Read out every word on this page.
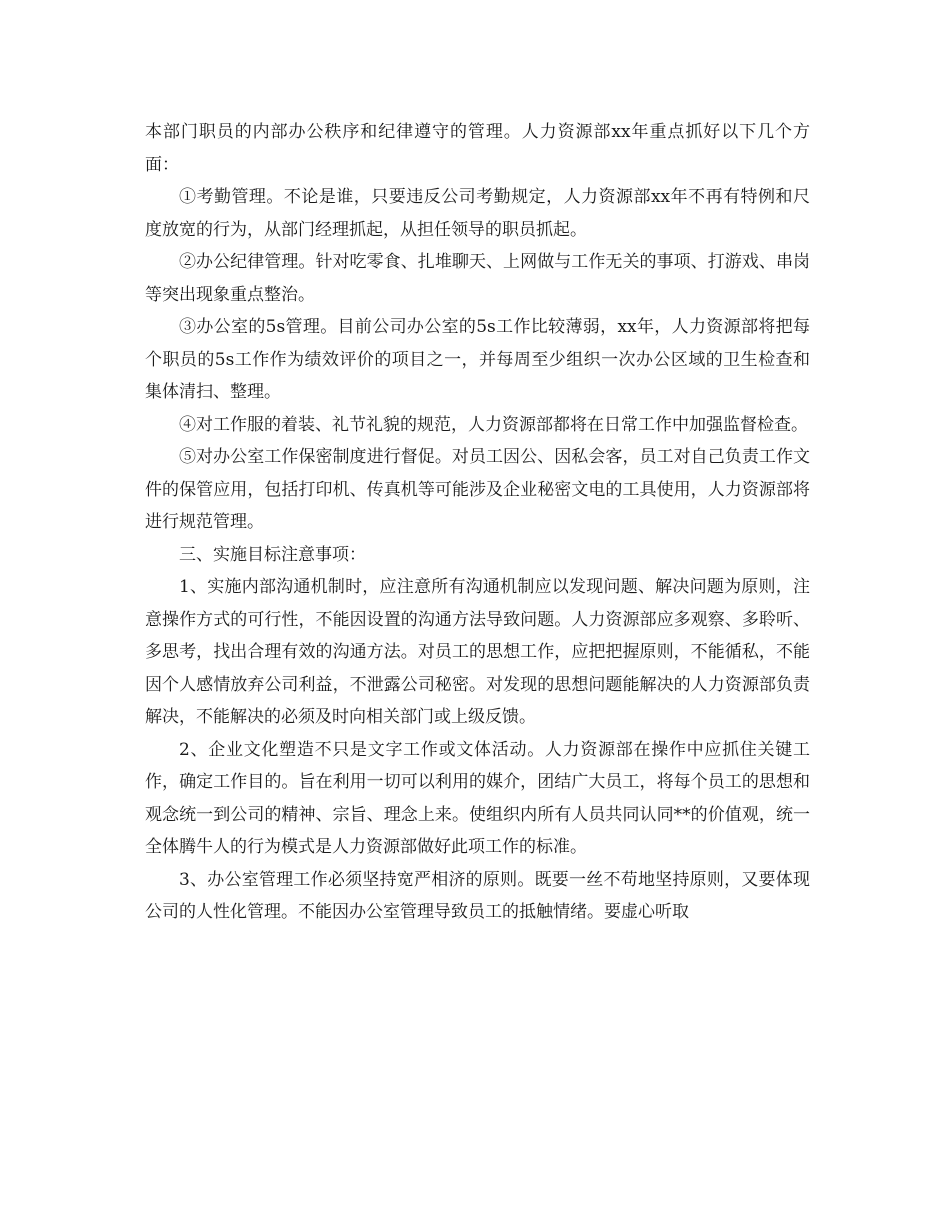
本部门职员的内部办公秩序和纪律遵守的管理。人力资源部xx年重点抓好以下几个方面：

①考勤管理。不论是谁，只要违反公司考勤规定，人力资源部xx年不再有特例和尺度放宽的行为，从部门经理抓起，从担任领导的职员抓起。

②办公纪律管理。针对吃零食、扎堆聊天、上网做与工作无关的事项、打游戏、串岗等突出现象重点整治。

③办公室的5s管理。目前公司办公室的5s工作比较薄弱，xx年，人力资源部将把每个职员的5s工作作为绩效评价的项目之一，并每周至少组织一次办公区域的卫生检查和集体清扫、整理。

④对工作服的着装、礼节礼貌的规范，人力资源部都将在日常工作中加强监督检查。

⑤对办公室工作保密制度进行督促。对员工因公、因私会客，员工对自己负责工作文件的保管应用，包括打印机、传真机等可能涉及企业秘密文电的工具使用，人力资源部将进行规范管理。

三、实施目标注意事项：

1、实施内部沟通机制时，应注意所有沟通机制应以发现问题、解决问题为原则，注意操作方式的可行性，不能因设置的沟通方法导致问题。人力资源部应多观察、多聆听、多思考，找出合理有效的沟通方法。对员工的思想工作，应把把握原则，不能循私，不能因个人感情放弃公司利益，不泄露公司秘密。对发现的思想问题能解决的人力资源部负责解决，不能解决的必须及时向相关部门或上级反馈。

2、企业文化塑造不只是文字工作或文体活动。人力资源部在操作中应抓住关键工作，确定工作目的。旨在利用一切可以利用的媒介，团结广大员工，将每个员工的思想和观念统一到公司的精神、宗旨、理念上来。使组织内所有人员共同认同**的价值观，统一全体腾牛人的行为模式是人力资源部做好此项工作的标准。

3、办公室管理工作必须坚持宽严相济的原则。既要一丝不苟地坚持原则，又要体现公司的人性化管理。不能因办公室管理导致员工的抵触情绪。要虚心听取
